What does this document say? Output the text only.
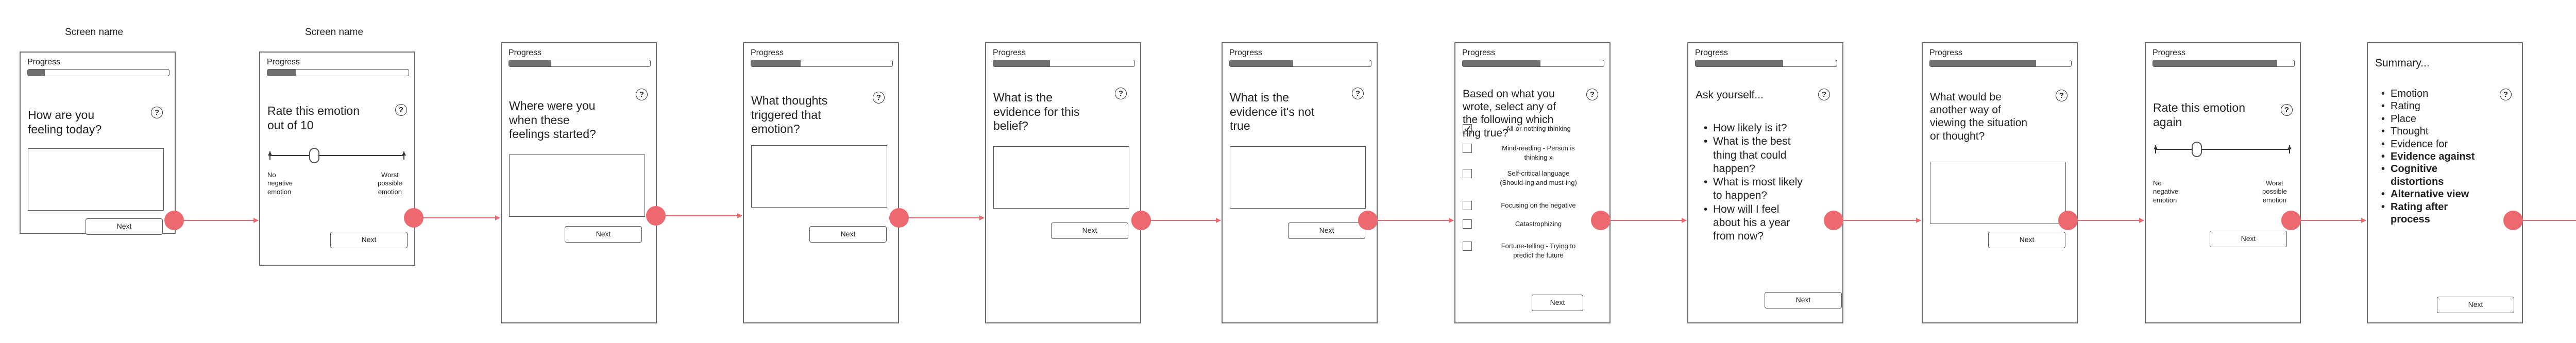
Screen name	Screen name
Progress
?
How are you
feeling today?
Next
Progress
?
Rate this emotion
out of 10
No
negative
emotion
Worst
possible
emotion
Next
Progress
?
Where were you
when these
feelings started?
Next
Progress
?
What thoughts
triggered that
emotion?
Next
Progress
?
What is the
evidence for this
belief?
Next
Progress
?
What is the
evidence it's not
true
Next
Progress
?
Based on what you
wrote, select any of
the following which
ring true?
All-or-nothing thinking
Mind-reading - Person is
thinking x
Self-critical language
(Should-ing and must-ing)
Focusing on the negative
Catastrophizing
Fortune-telling - Trying to
predict the future
Next
Progress
?
Ask yourself...
• How likely is it?
• What is the best
thing that could
happen?
• What is most likely
to happen?
• How will I feel
about his a year
from now?
Next
Progress
?
What would be
another way of
viewing the situation
or thought?
Next
Progress
?
Rate this emotion
again
No
negative
emotion
Worst
possible
emotion
Next
?
Summary...
• Emotion
• Rating
• Place
• Thought
• Evidence for
• Evidence against
• Cognitive
distortions
• Alternative view
• Rating after
process
Next
